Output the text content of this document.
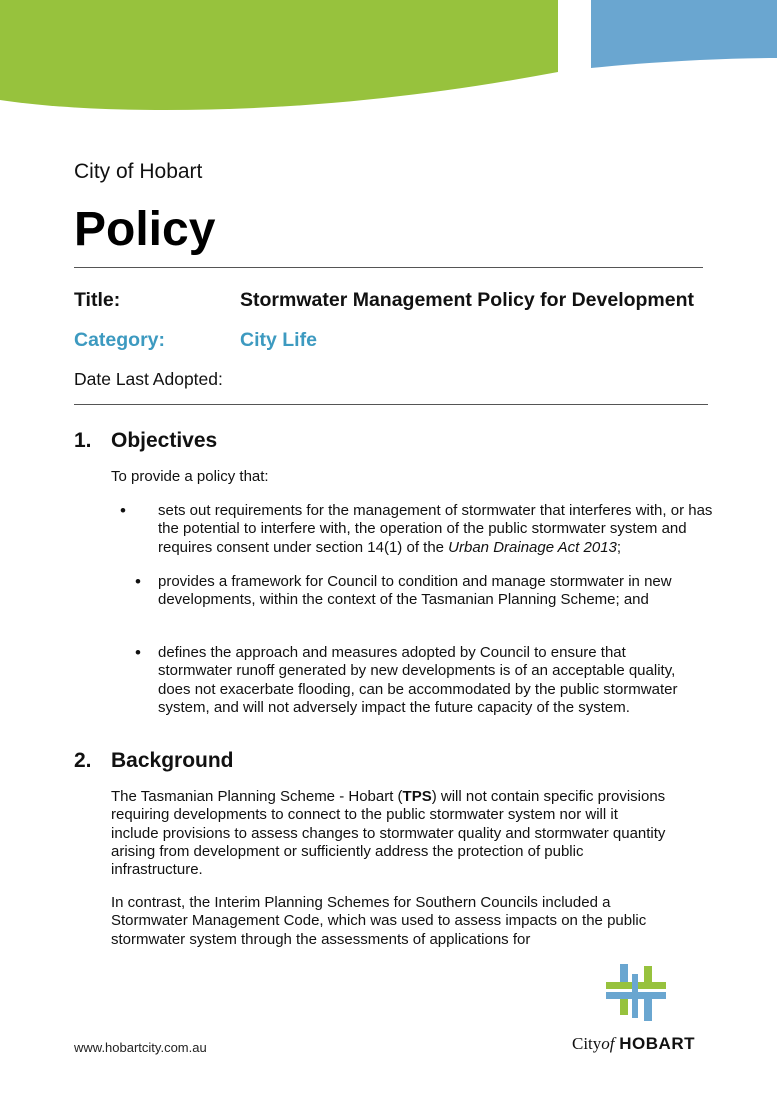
City of Hobart
Policy
Title:	Stormwater Management Policy for Development
Category:	City Life
Date Last Adopted:
1. Objectives
To provide a policy that:
• sets out requirements for the management of stormwater that interferes with, or has the potential to interfere with, the operation of the public stormwater system and requires consent under section 14(1) of the Urban Drainage Act 2013;
• provides a framework for Council to condition and manage stormwater in new developments, within the context of the Tasmanian Planning Scheme; and
• defines the approach and measures adopted by Council to ensure that stormwater runoff generated by new developments is of an acceptable quality, does not exacerbate flooding, can be accommodated by the public stormwater system, and will not adversely impact the future capacity of the system.
2. Background
The Tasmanian Planning Scheme - Hobart (TPS) will not contain specific provisions requiring developments to connect to the public stormwater system nor will it include provisions to assess changes to stormwater quality and stormwater quantity arising from development or sufficiently address the protection of public infrastructure.
In contrast, the Interim Planning Schemes for Southern Councils included a Stormwater Management Code, which was used to assess impacts on the public stormwater system through the assessments of applications for
www.hobartcity.com.au	Cityof HOBART
